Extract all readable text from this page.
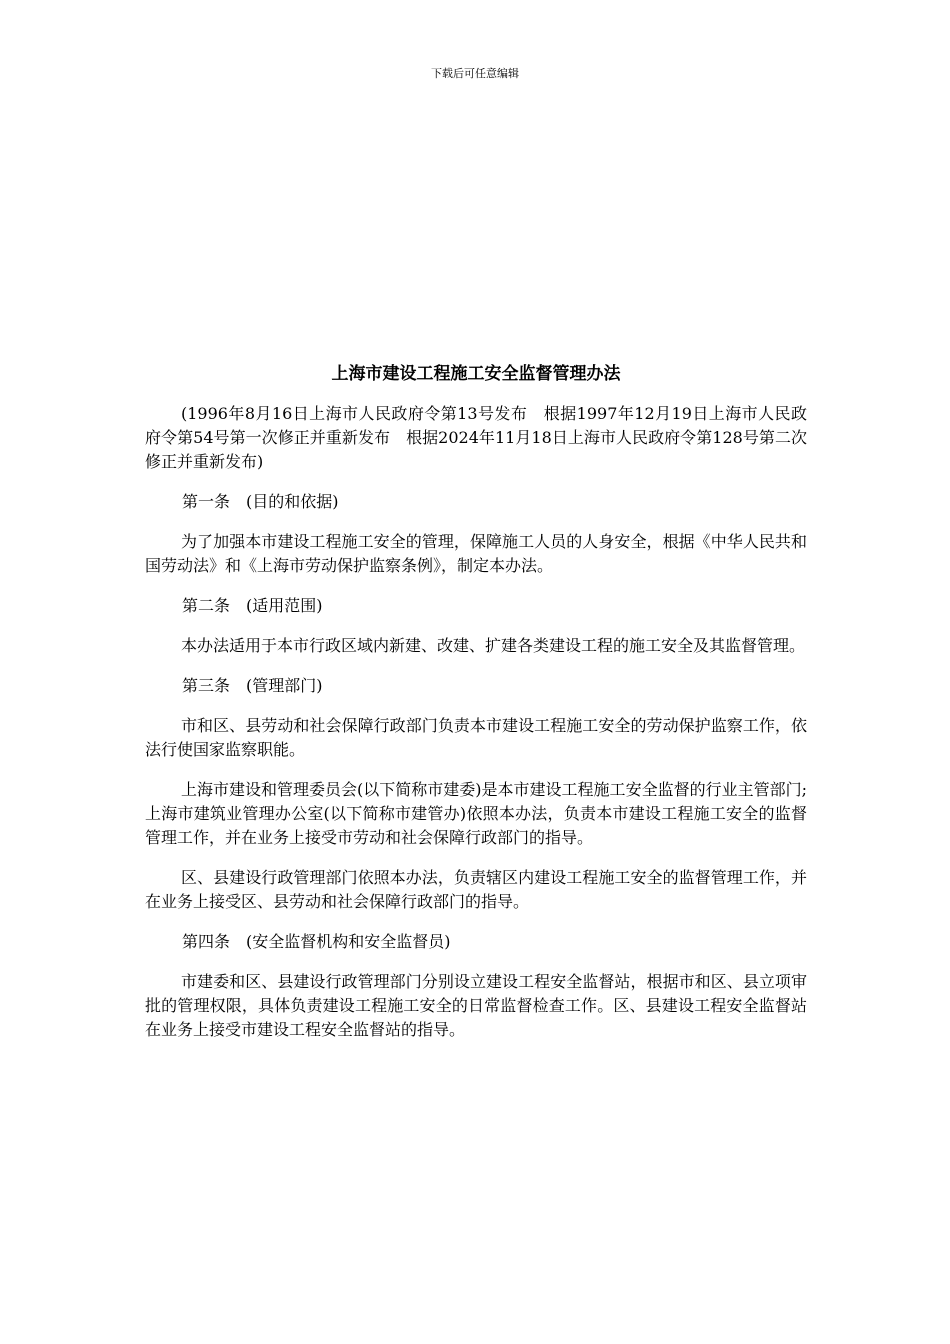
下载后可任意编辑
上海市建设工程施工安全监督管理办法

(1996年8月16日上海市人民政府令第13号发布　根据1997年12月19日上海市人民政府令第54号第一次修正并重新发布　根据2024年11月18日上海市人民政府令第128号第二次修正并重新发布)

第一条　(目的和依据)

为了加强本市建设工程施工安全的管理，保障施工人员的人身安全，根据《中华人民共和国劳动法》和《上海市劳动保护监察条例》，制定本办法。

第二条　(适用范围)

本办法适用于本市行政区域内新建、改建、扩建各类建设工程的施工安全及其监督管理。

第三条　(管理部门)

市和区、县劳动和社会保障行政部门负责本市建设工程施工安全的劳动保护监察工作，依法行使国家监察职能。

上海市建设和管理委员会(以下简称市建委)是本市建设工程施工安全监督的行业主管部门;上海市建筑业管理办公室(以下简称市建管办)依照本办法，负责本市建设工程施工安全的监督管理工作，并在业务上接受市劳动和社会保障行政部门的指导。

区、县建设行政管理部门依照本办法，负责辖区内建设工程施工安全的监督管理工作，并在业务上接受区、县劳动和社会保障行政部门的指导。

第四条　(安全监督机构和安全监督员)

市建委和区、县建设行政管理部门分别设立建设工程安全监督站，根据市和区、县立项审批的管理权限，具体负责建设工程施工安全的日常监督检查工作。区、县建设工程安全监督站在业务上接受市建设工程安全监督站的指导。
